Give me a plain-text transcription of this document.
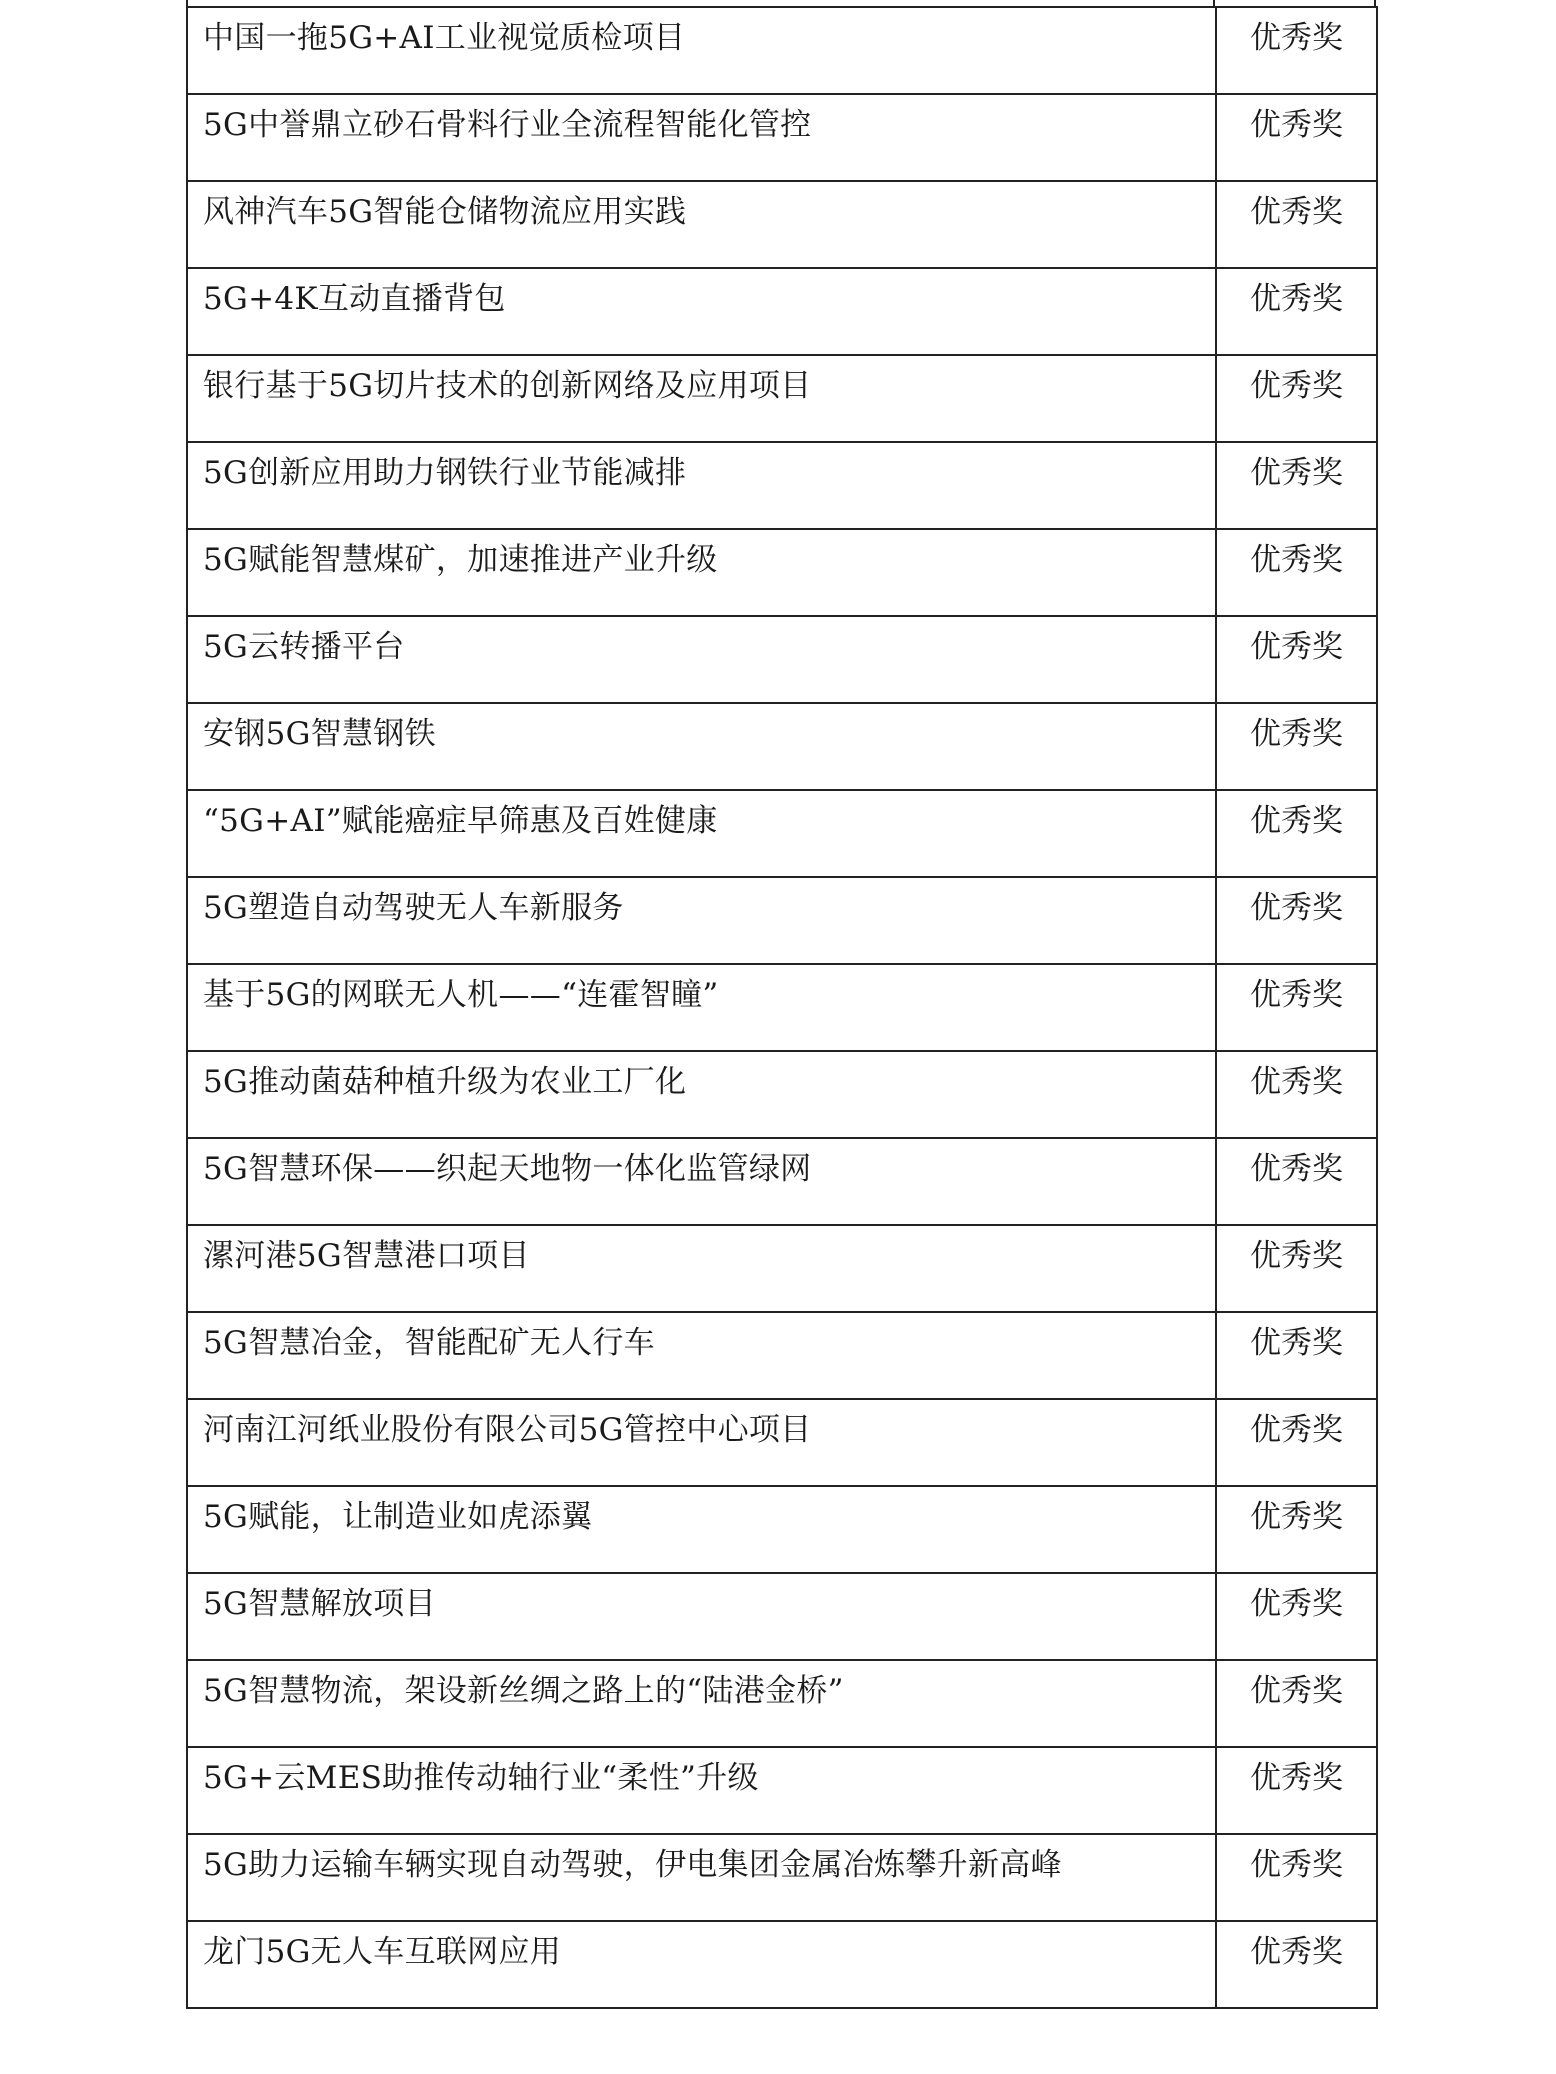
中国一拖5G+AI工业视觉质检项目	优秀奖
5G中誉鼎立砂石骨料行业全流程智能化管控	优秀奖
风神汽车5G智能仓储物流应用实践	优秀奖
5G+4K互动直播背包	优秀奖
银行基于5G切片技术的创新网络及应用项目	优秀奖
5G创新应用助力钢铁行业节能减排	优秀奖
5G赋能智慧煤矿，加速推进产业升级	优秀奖
5G云转播平台	优秀奖
安钢5G智慧钢铁	优秀奖
“5G+AI”赋能癌症早筛惠及百姓健康	优秀奖
5G塑造自动驾驶无人车新服务	优秀奖
基于5G的网联无人机——“连霍智瞳”	优秀奖
5G推动菌菇种植升级为农业工厂化	优秀奖
5G智慧环保——织起天地物一体化监管绿网	优秀奖
漯河港5G智慧港口项目	优秀奖
5G智慧冶金，智能配矿无人行车	优秀奖
河南江河纸业股份有限公司5G管控中心项目	优秀奖
5G赋能，让制造业如虎添翼	优秀奖
5G智慧解放项目	优秀奖
5G智慧物流，架设新丝绸之路上的“陆港金桥”	优秀奖
5G+云MES助推传动轴行业“柔性”升级	优秀奖
5G助力运输车辆实现自动驾驶，伊电集团金属冶炼攀升新高峰	优秀奖
龙门5G无人车互联网应用	优秀奖
